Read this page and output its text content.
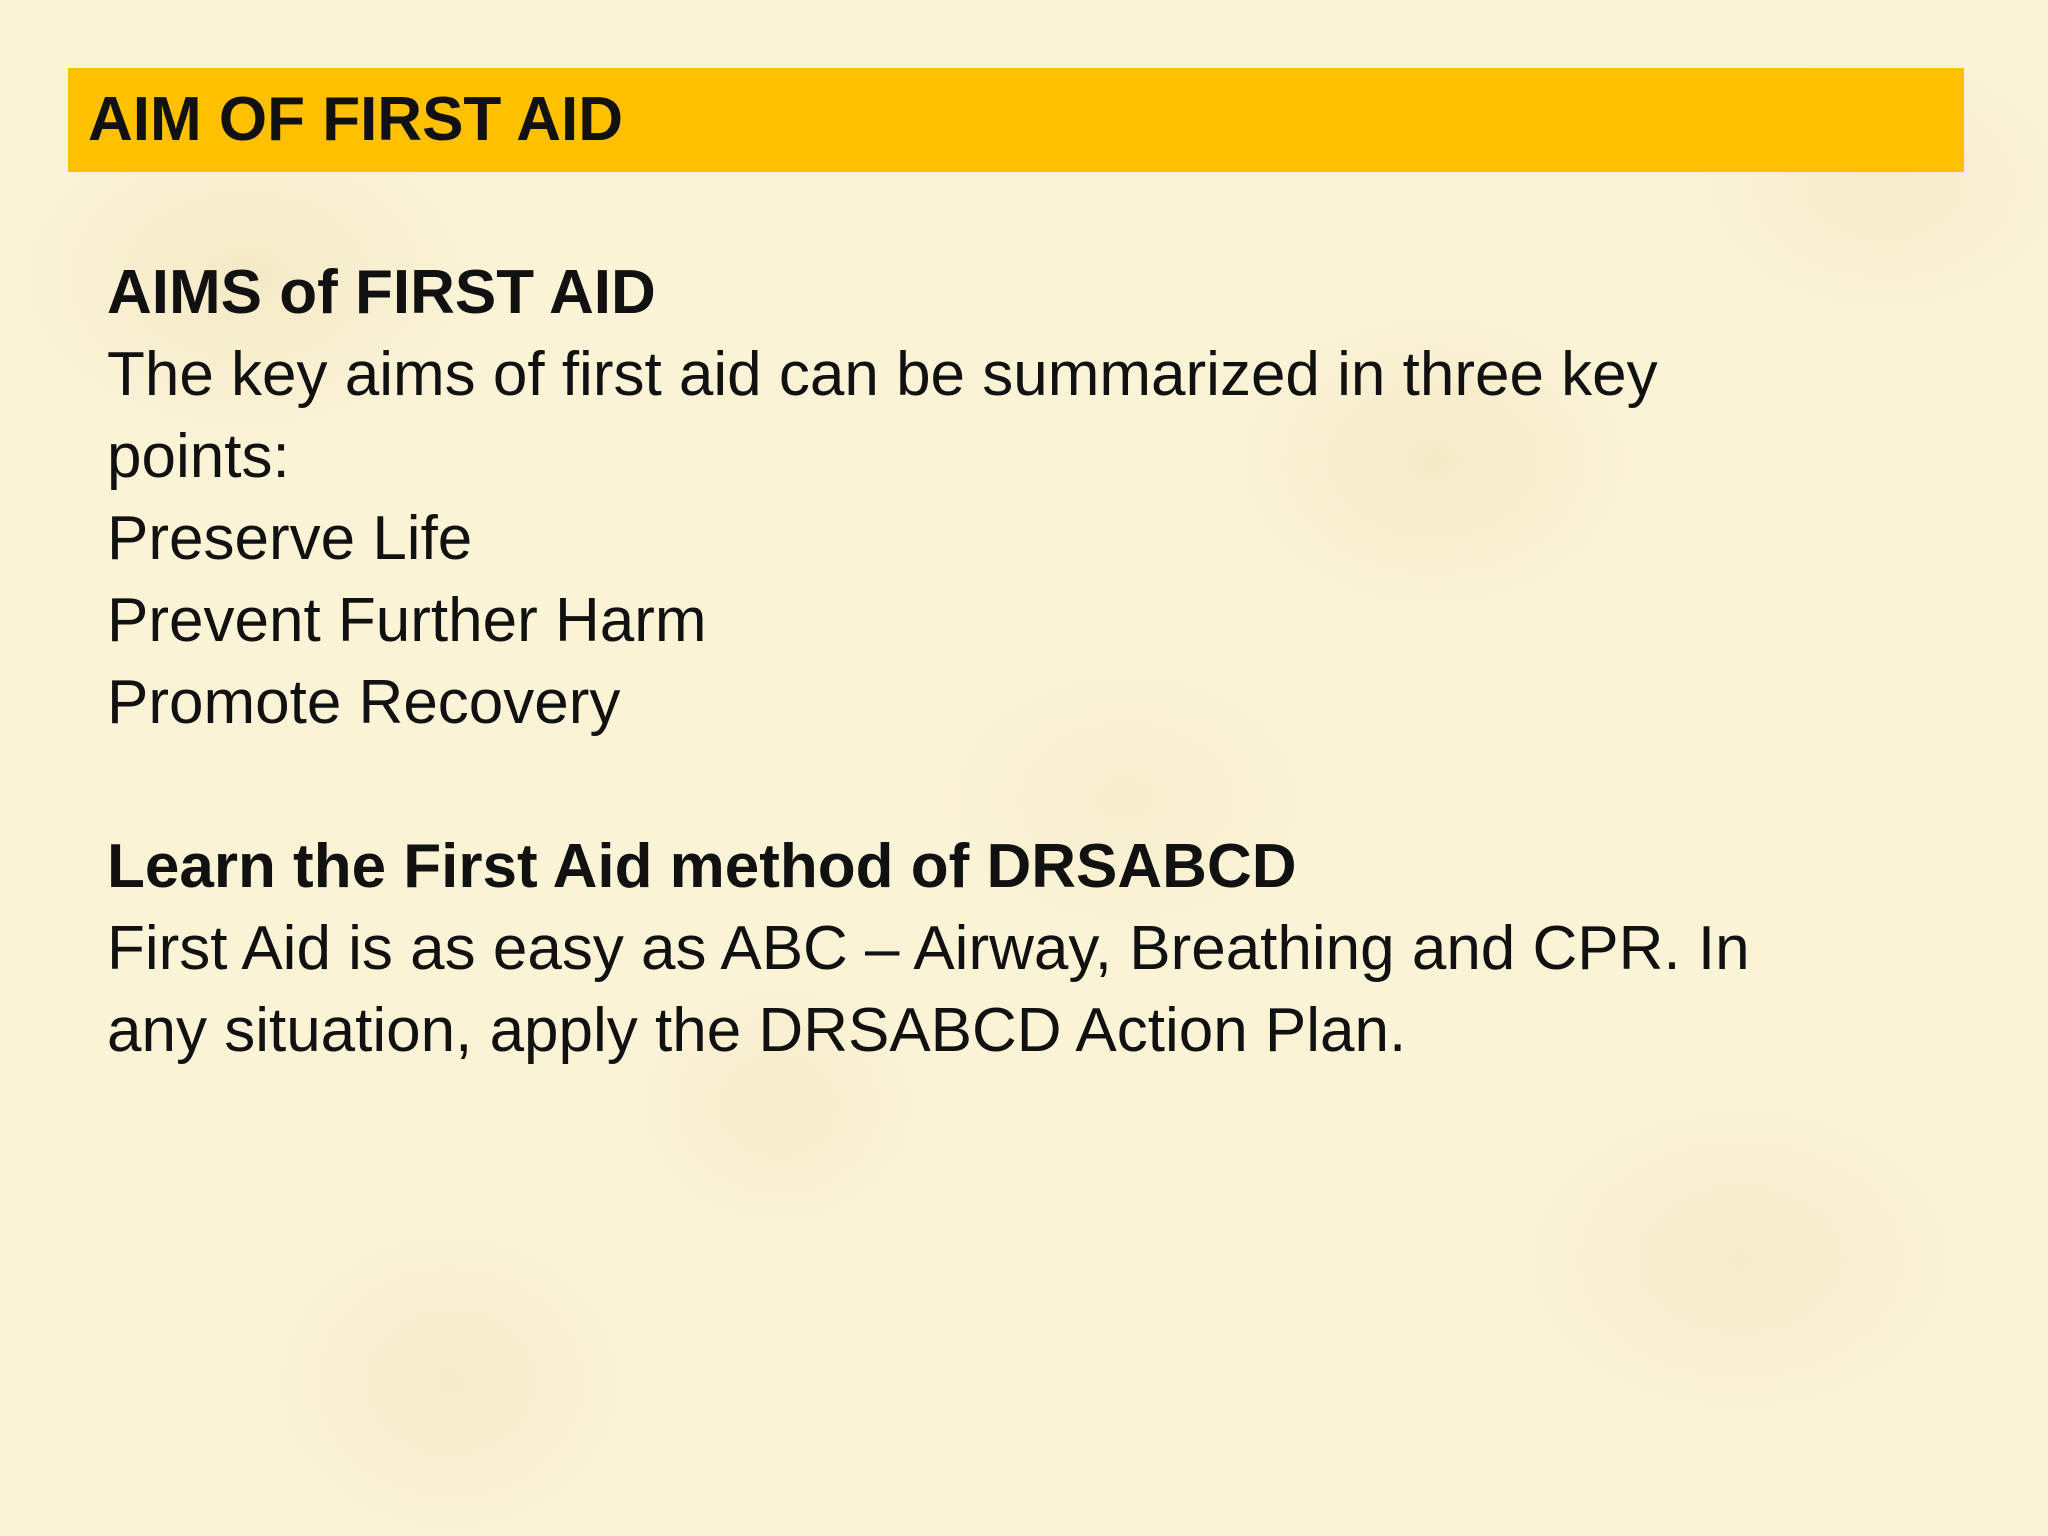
AIM OF FIRST AID
AIMS of FIRST AID
The key aims of first aid can be summarized in three key
points:
Preserve Life
Prevent Further Harm
Promote Recovery
Learn the First Aid method of DRSABCD
First Aid is as easy as ABC – Airway, Breathing and CPR. In
any situation, apply the DRSABCD Action Plan.
